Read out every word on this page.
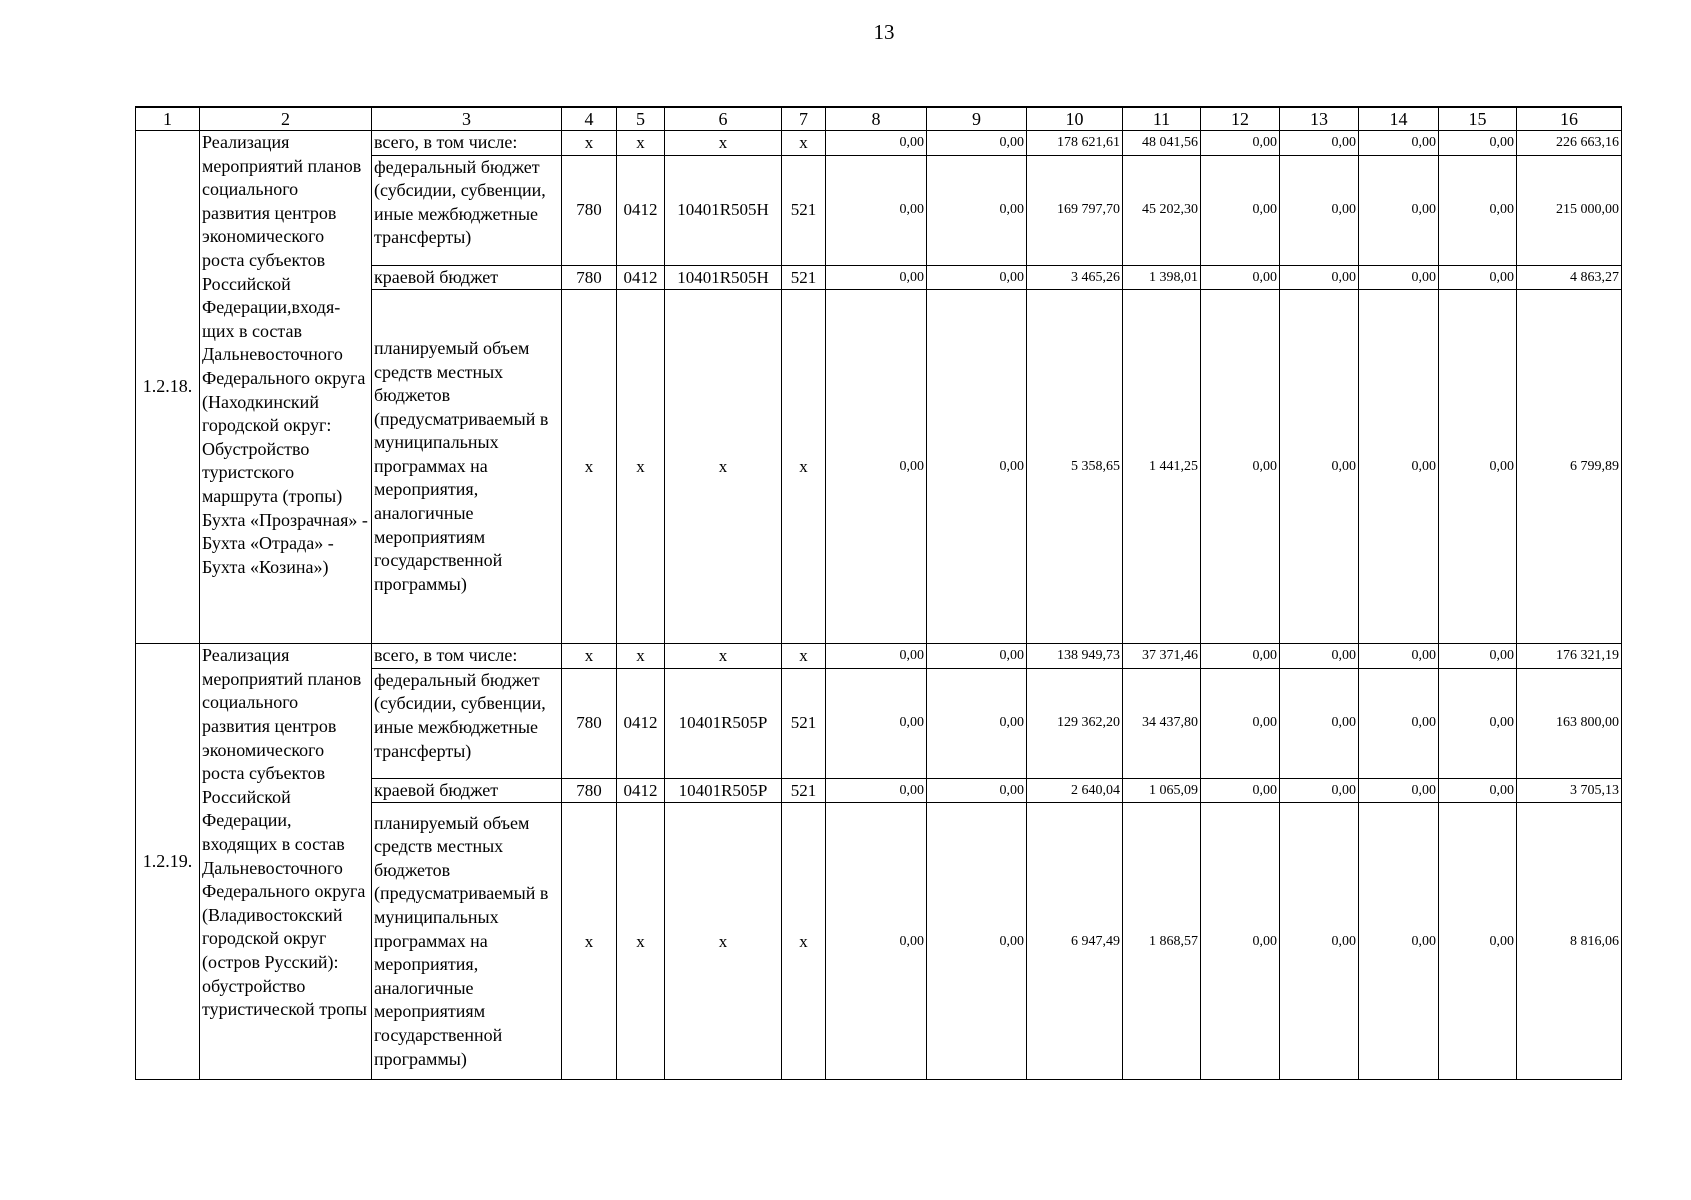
13
1	2	3	4	5	6	7	8	9	10	11	12	13	14	15	16
1.2.18.	Реализация мероприятий планов социального развития центров экономического роста субъектов Российской Федерации,входя-щих в состав Дальневосточного Федерального округа (Находкинский городской округ: Обустройство туристского маршрута (тропы) Бухта «Прозрачная» - Бухта «Отрада» - Бухта «Козина»)	всего, в том числе:	x	x	x	x	0,00	0,00	178 621,61	48 041,56	0,00	0,00	0,00	0,00	226 663,16
		федеральный бюджет (субсидии, субвенции, иные межбюджетные трансферты)	780	0412	10401R505H	521	0,00	0,00	169 797,70	45 202,30	0,00	0,00	0,00	0,00	215 000,00
		краевой бюджет	780	0412	10401R505H	521	0,00	0,00	3 465,26	1 398,01	0,00	0,00	0,00	0,00	4 863,27
		планируемый объем средств местных бюджетов (предусматриваемый в муниципальных программах на мероприятия, аналогичные мероприятиям государственной программы)	x	x	x	x	0,00	0,00	5 358,65	1 441,25	0,00	0,00	0,00	0,00	6 799,89
1.2.19.	Реализация мероприятий планов социального развития центров экономического роста субъектов Российской Федерации, входящих в состав Дальневосточного Федерального округа (Владивостокский городской округ (остров Русский): обустройство туристической тропы	всего, в том числе:	x	x	x	x	0,00	0,00	138 949,73	37 371,46	0,00	0,00	0,00	0,00	176 321,19
		федеральный бюджет (субсидии, субвенции, иные межбюджетные трансферты)	780	0412	10401R505P	521	0,00	0,00	129 362,20	34 437,80	0,00	0,00	0,00	0,00	163 800,00
		краевой бюджет	780	0412	10401R505P	521	0,00	0,00	2 640,04	1 065,09	0,00	0,00	0,00	0,00	3 705,13
		планируемый объем средств местных бюджетов (предусматриваемый в муниципальных программах на мероприятия, аналогичные мероприятиям государственной программы)	x	x	x	x	0,00	0,00	6 947,49	1 868,57	0,00	0,00	0,00	0,00	8 816,06
